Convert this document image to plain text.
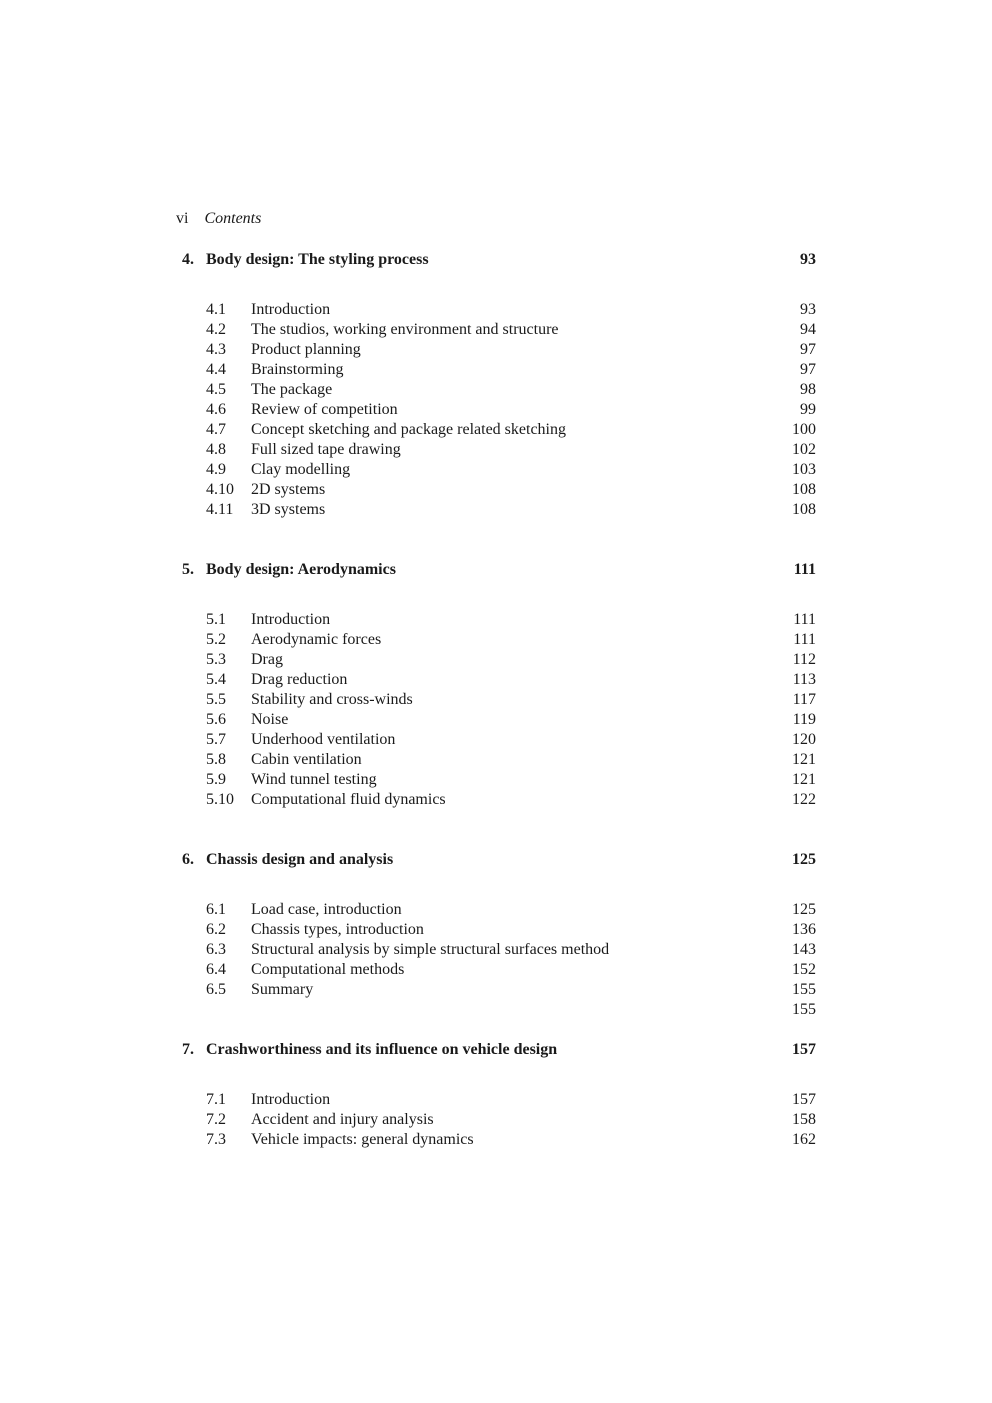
vi Contents
4. Body design: The styling process	93
4.1 Introduction	93
4.2 The studios, working environment and structure	94
4.3 Product planning	97
4.4 Brainstorming	97
4.5 The package	98
4.6 Review of competition	99
4.7 Concept sketching and package related sketching	100
4.8 Full sized tape drawing	102
4.9 Clay modelling	103
4.10 2D systems	108
4.11 3D systems	108
5. Body design: Aerodynamics	111
5.1 Introduction	111
5.2 Aerodynamic forces	111
5.3 Drag	112
5.4 Drag reduction	113
5.5 Stability and cross-winds	117
5.6 Noise	119
5.7 Underhood ventilation	120
5.8 Cabin ventilation	121
5.9 Wind tunnel testing	121
5.10 Computational fluid dynamics	122
6. Chassis design and analysis	125
6.1 Load case, introduction	125
6.2 Chassis types, introduction	136
6.3 Structural analysis by simple structural surfaces method	143
6.4 Computational methods	152
6.5 Summary	155
155
7. Crashworthiness and its influence on vehicle design	157
7.1 Introduction	157
7.2 Accident and injury analysis	158
7.3 Vehicle impacts: general dynamics	162
